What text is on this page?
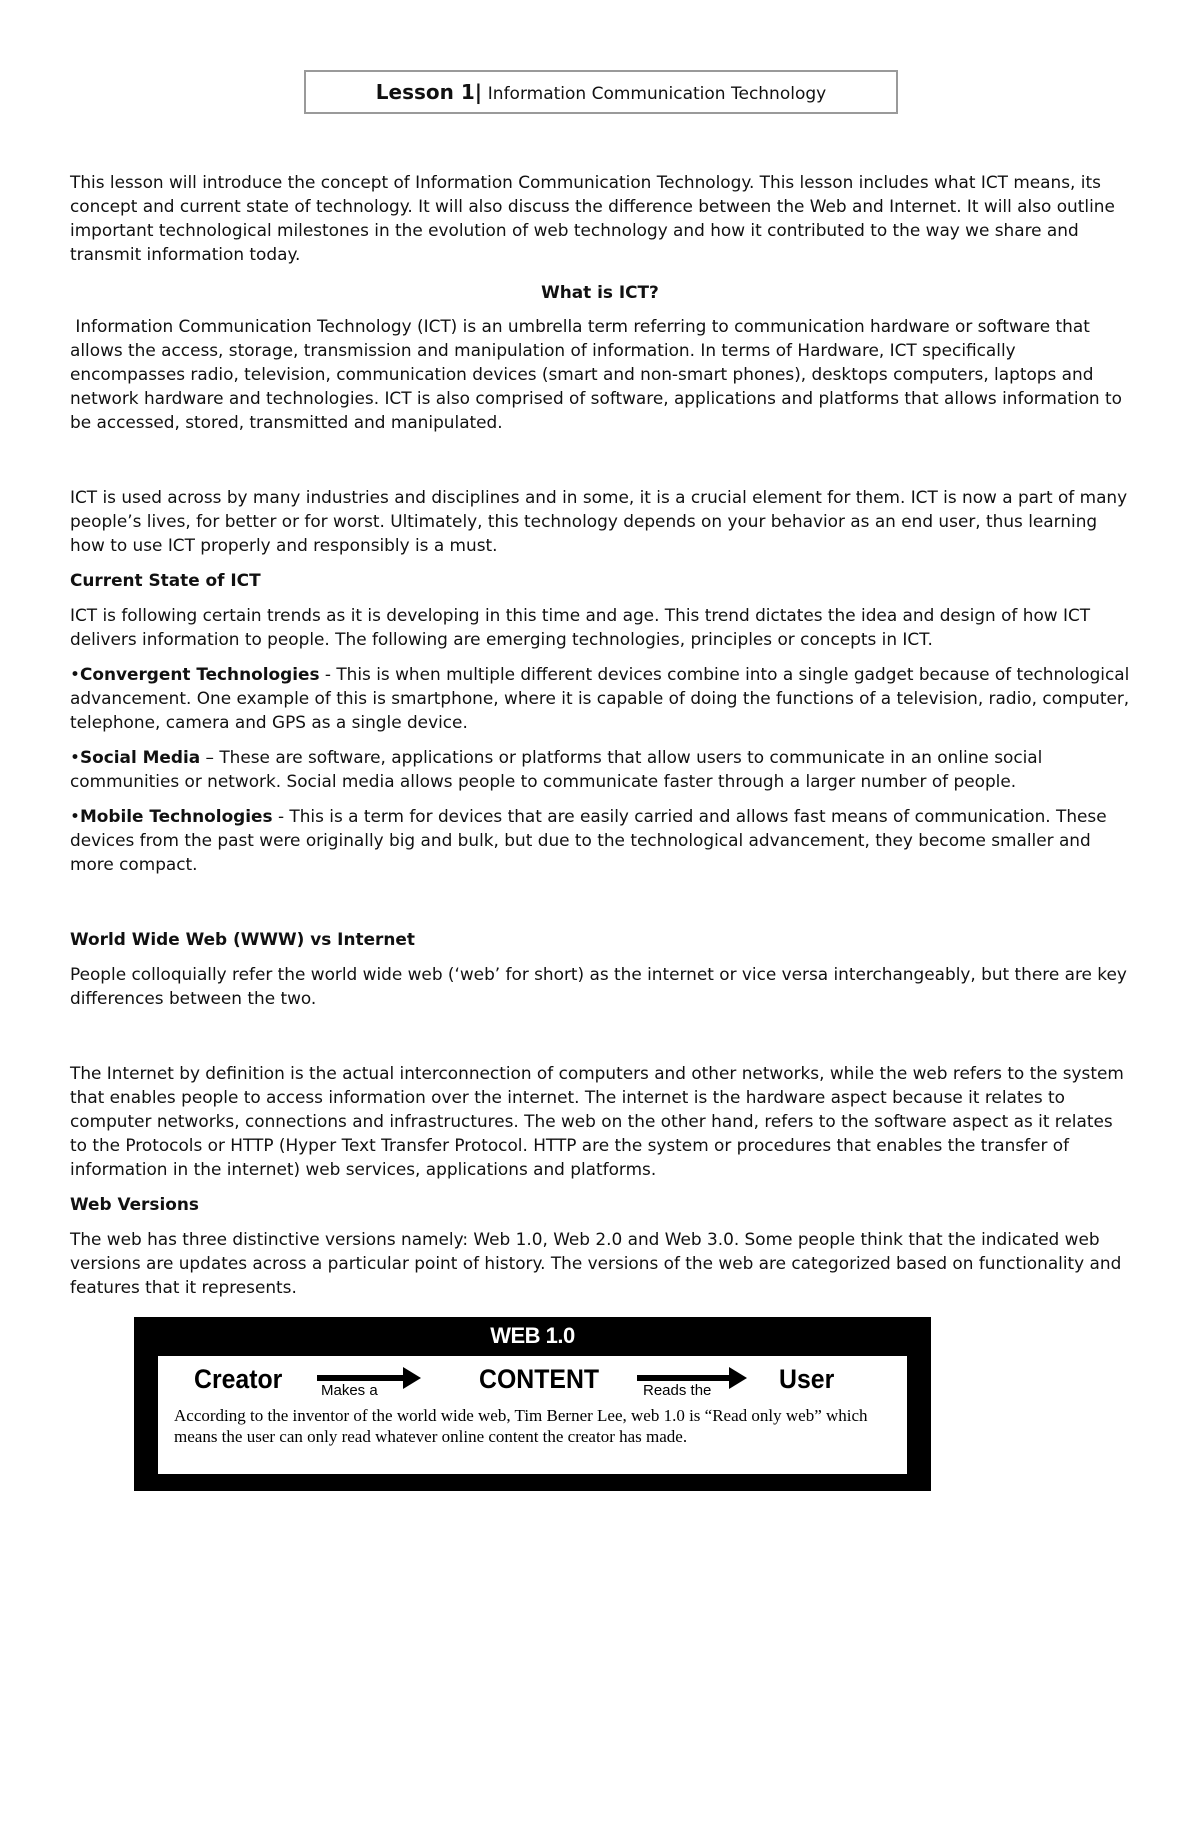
Lesson 1| Information Communication Technology

This lesson will introduce the concept of Information Communication Technology. This lesson includes what ICT means, its concept and current state of technology. It will also discuss the difference between the Web and Internet. It will also outline important technological milestones in the evolution of web technology and how it contributed to the way we share and transmit information today.

What is ICT?

Information Communication Technology (ICT) is an umbrella term referring to communication hardware or software that allows the access, storage, transmission and manipulation of information. In terms of Hardware, ICT specifically encompasses radio, television, communication devices (smart and non-smart phones), desktops computers, laptops and network hardware and technologies. ICT is also comprised of software, applications and platforms that allows information to be accessed, stored, transmitted and manipulated.

ICT is used across by many industries and disciplines and in some, it is a crucial element for them. ICT is now a part of many people’s lives, for better or for worst. Ultimately, this technology depends on your behavior as an end user, thus learning how to use ICT properly and responsibly is a must.

Current State of ICT

ICT is following certain trends as it is developing in this time and age. This trend dictates the idea and design of how ICT delivers information to people. The following are emerging technologies, principles or concepts in ICT.

•Convergent Technologies - This is when multiple different devices combine into a single gadget because of technological advancement. One example of this is smartphone, where it is capable of doing the functions of a television, radio, computer, telephone, camera and GPS as a single device.

•Social Media – These are software, applications or platforms that allow users to communicate in an online social communities or network. Social media allows people to communicate faster through a larger number of people.

•Mobile Technologies - This is a term for devices that are easily carried and allows fast means of communication. These devices from the past were originally big and bulk, but due to the technological advancement, they become smaller and more compact.

World Wide Web (WWW) vs Internet

People colloquially refer the world wide web (‘web’ for short) as the internet or vice versa interchangeably, but there are key differences between the two.

The Internet by definition is the actual interconnection of computers and other networks, while the web refers to the system that enables people to access information over the internet. The internet is the hardware aspect because it relates to computer networks, connections and infrastructures. The web on the other hand, refers to the software aspect as it relates to the Protocols or HTTP (Hyper Text Transfer Protocol. HTTP are the system or procedures that enables the transfer of information in the internet) web services, applications and platforms.

Web Versions

The web has three distinctive versions namely: Web 1.0, Web 2.0 and Web 3.0. Some people think that the indicated web versions are updates across a particular point of history. The versions of the web are categorized based on functionality and features that it represents.

WEB 1.0
Creator	Makes a	CONTENT	Reads the	User
According to the inventor of the world wide web, Tim Berner Lee, web 1.0 is “Read only web” which means the user can only read whatever online content the creator has made.
